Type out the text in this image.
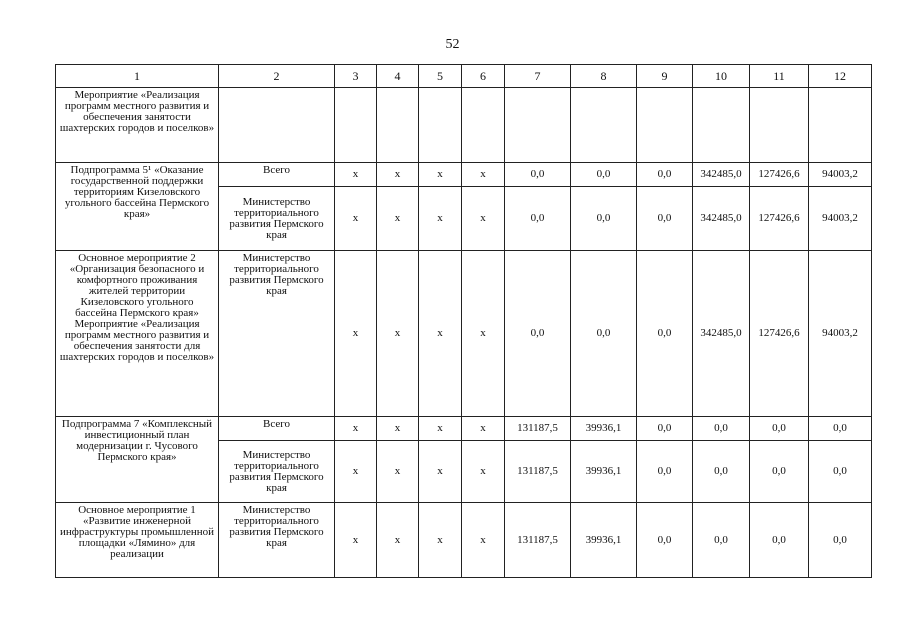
52
1	2	3	4	5	6	7	8	9	10	11	12
Мероприятие «Реализация программ местного развития и обеспечения занятости шахтерских городов и поселков»											
Подпрограмма 5¹ «Оказание государственной поддержки территориям Кизеловского угольного бассейна Пермского края»	Всего	х	х	х	х	0,0	0,0	0,0	342485,0	127426,6	94003,2
	Министерство территориального развития Пермского края	х	х	х	х	0,0	0,0	0,0	342485,0	127426,6	94003,2
Основное мероприятие 2 «Организация безопасного и комфортного проживания жителей территории Кизеловского угольного бассейна Пермского края» Мероприятие «Реализация программ местного развития и обеспечения занятости для шахтерских городов и поселков»	Министерство территориального развития Пермского края	х	х	х	х	0,0	0,0	0,0	342485,0	127426,6	94003,2
Подпрограмма 7 «Комплексный инвестиционный план модернизации г. Чусового Пермского края»	Всего	х	х	х	х	131187,5	39936,1	0,0	0,0	0,0	0,0
	Министерство территориального развития Пермского края	х	х	х	х	131187,5	39936,1	0,0	0,0	0,0	0,0
Основное мероприятие 1 «Развитие инженерной инфраструктуры промышленной площадки «Лямино» для реализации	Министерство территориального развития Пермского края	х	х	х	х	131187,5	39936,1	0,0	0,0	0,0	0,0
